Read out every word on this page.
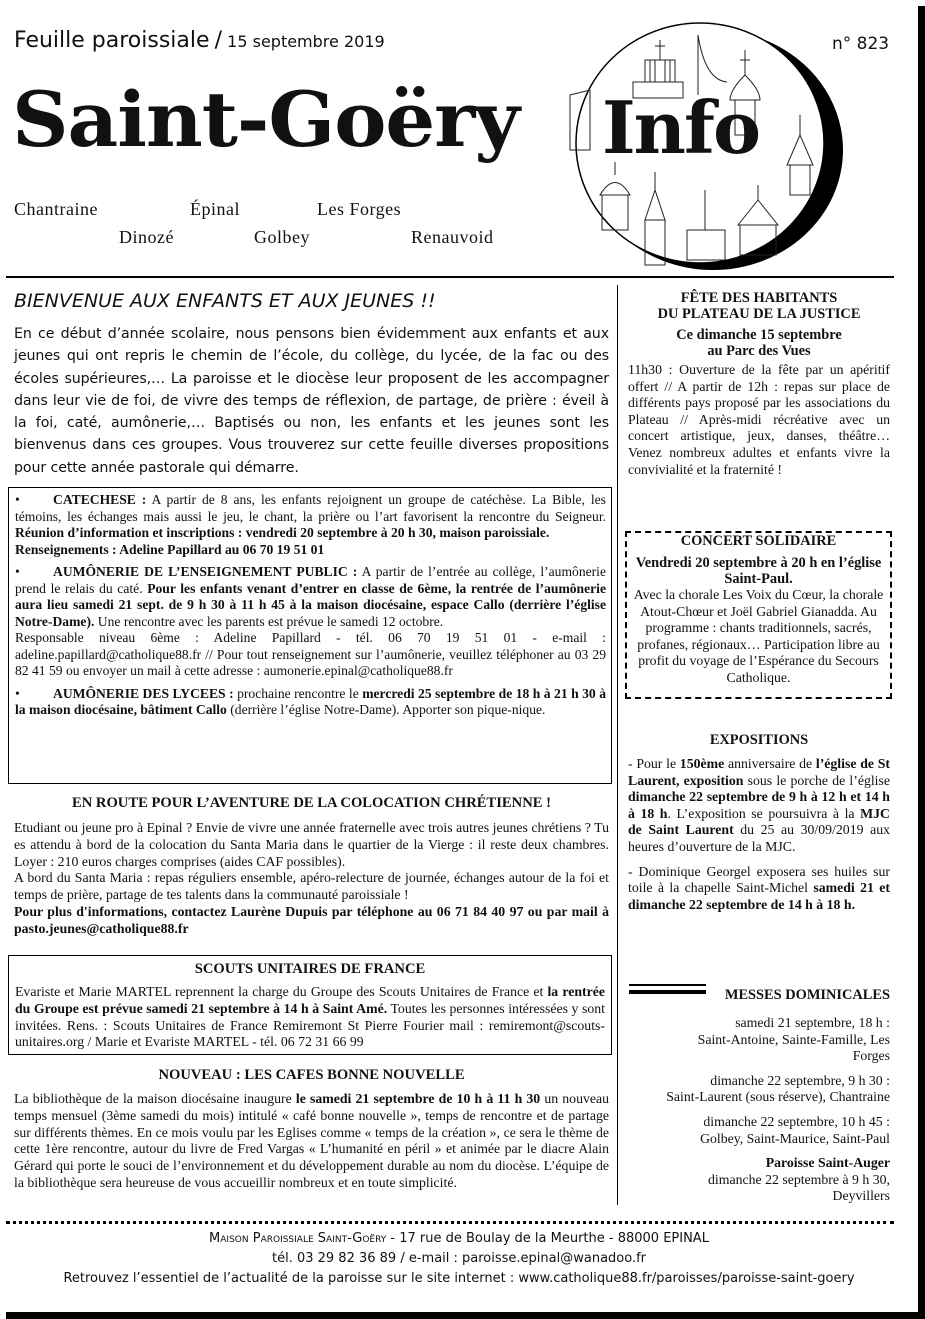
Feuille paroissiale / 15 septembre 2019	n° 823
Saint-Goëry
Chantraine	Épinal	Les Forges
Dinozé	Golbey	Renauvoid
Info
BIENVENUE AUX ENFANTS ET AUX JEUNES !!
En ce début d’année scolaire, nous pensons bien évidemment aux enfants et aux jeunes qui ont repris le chemin de l’école, du collège, du lycée, de la fac ou des écoles supérieures,… La paroisse et le diocèse leur proposent de les accompagner dans leur vie de foi, de vivre des temps de réflexion, de partage, de prière : éveil à la foi, caté, aumônerie,… Baptisés ou non, les enfants et les jeunes sont les bienvenus dans ces groupes. Vous trouverez sur cette feuille diverses propositions pour cette année pastorale qui démarre.

• CATECHESE : A partir de 8 ans, les enfants rejoignent un groupe de catéchèse. La Bible, les témoins, les échanges mais aussi le jeu, le chant, la prière ou l’art favorisent la rencontre du Seigneur. Réunion d’information et inscriptions : vendredi 20 septembre à 20 h 30, maison paroissiale.
Renseignements : Adeline Papillard au 06 70 19 51 01

• AUMÔNERIE DE L’ENSEIGNEMENT PUBLIC : A partir de l’entrée au collège, l’aumônerie prend le relais du caté. Pour les enfants venant d’entrer en classe de 6ème, la rentrée de l’aumônerie aura lieu samedi 21 sept. de 9 h 30 à 11 h 45 à la maison diocésaine, espace Callo (derrière l’église Notre-Dame). Une rencontre avec les parents est prévue le samedi 12 octobre.
Responsable niveau 6ème : Adeline Papillard - tél. 06 70 19 51 01 - e-mail : adeline.papillard@catholique88.fr // Pour tout renseignement sur l’aumônerie, veuillez téléphoner au 03 29 82 41 59 ou envoyer un mail à cette adresse : aumonerie.epinal@catholique88.fr

• AUMÔNERIE DES LYCEES : prochaine rencontre le mercredi 25 septembre de 18 h à 21 h 30 à la maison diocésaine, bâtiment Callo (derrière l’église Notre-Dame). Apporter son pique-nique.

EN ROUTE POUR L’AVENTURE DE LA COLOCATION CHRÉTIENNE !

Etudiant ou jeune pro à Epinal ? Envie de vivre une année fraternelle avec trois autres jeunes chrétiens ? Tu es attendu à bord de la colocation du Santa Maria dans le quartier de la Vierge : il reste deux chambres. Loyer : 210 euros charges comprises (aides CAF possibles).

A bord du Santa Maria : repas réguliers ensemble, apéro-relecture de journée, échanges autour de la foi et temps de prière, partage de tes talents dans la communauté paroissiale !

Pour plus d'informations, contactez Laurène Dupuis par téléphone au 06 71 84 40 97 ou par mail à pasto.jeunes@catholique88.fr

SCOUTS UNITAIRES DE FRANCE

Evariste et Marie MARTEL reprennent la charge du Groupe des Scouts Unitaires de France et la rentrée du Groupe est prévue samedi 21 septembre à 14 h à Saint Amé. Toutes les personnes intéressées y sont invitées. Rens. : Scouts Unitaires de France Remiremont St Pierre Fourier mail : remiremont@scouts-unitaires.org / Marie et Evariste MARTEL - tél. 06 72 31 66 99

NOUVEAU : LES CAFES BONNE NOUVELLE

La bibliothèque de la maison diocésaine inaugure le samedi 21 septembre de 10 h à 11 h 30 un nouveau temps mensuel (3ème samedi du mois) intitulé « café bonne nouvelle », temps de rencontre et de partage sur différents thèmes. En ce mois voulu par les Eglises comme « temps de la création », ce sera le thème de cette 1ère rencontre, autour du livre de Fred Vargas « L’humanité en péril » et animée par le diacre Alain Gérard qui porte le souci de l’environnement et du développement durable au nom du diocèse. L’équipe de la bibliothèque sera heureuse de vous accueillir nombreux et en toute simplicité.

FÊTE DES HABITANTS

DU PLATEAU DE LA JUSTICE

Ce dimanche 15 septembre

au Parc des Vues

11h30 : Ouverture de la fête par un apéritif offert // A partir de 12h : repas sur place de différents pays proposé par les associations du Plateau // Après-midi récréative avec un concert artistique, jeux, danses, théâtre… Venez nombreux adultes et enfants vivre la convivialité et la fraternité !

CONCERT SOLIDAIRE

Vendredi 20 septembre à 20 h en l’église Saint-Paul.

Avec la chorale Les Voix du Cœur, la chorale Atout-Chœur et Joël Gabriel Gianadda. Au programme : chants traditionnels, sacrés, profanes, régionaux… Participation libre au profit du voyage de l’Espérance du Secours Catholique.

EXPOSITIONS

- Pour le 150ème anniversaire de l’église de St Laurent, exposition sous le porche de l’église dimanche 22 septembre de 9 h à 12 h et 14 h à 18 h. L’exposition se poursuivra à la MJC de Saint Laurent du 25 au 30/09/2019 aux heures d’ouverture de la MJC.

- Dominique Georgel exposera ses huiles sur toile à la chapelle Saint-Michel samedi 21 et dimanche 22 septembre de 14 h à 18 h.

MESSES DOMINICALES

samedi 21 septembre, 18 h :
Saint-Antoine, Sainte-Famille, Les Forges
dimanche 22 septembre, 9 h 30 :
Saint-Laurent (sous réserve), Chantraine
dimanche 22 septembre, 10 h 45 :
Golbey, Saint-Maurice, Saint-Paul
Paroisse Saint-Auger
dimanche 22 septembre à 9 h 30, Deyvillers
Maison Paroissiale Saint-Goëry - 17 rue de Boulay de la Meurthe - 88000 EPINAL
tél. 03 29 82 36 89 / e-mail : paroisse.epinal@wanadoo.fr
Retrouvez l’essentiel de l’actualité de la paroisse sur le site internet : www.catholique88.fr/paroisses/paroisse-saint-goery
